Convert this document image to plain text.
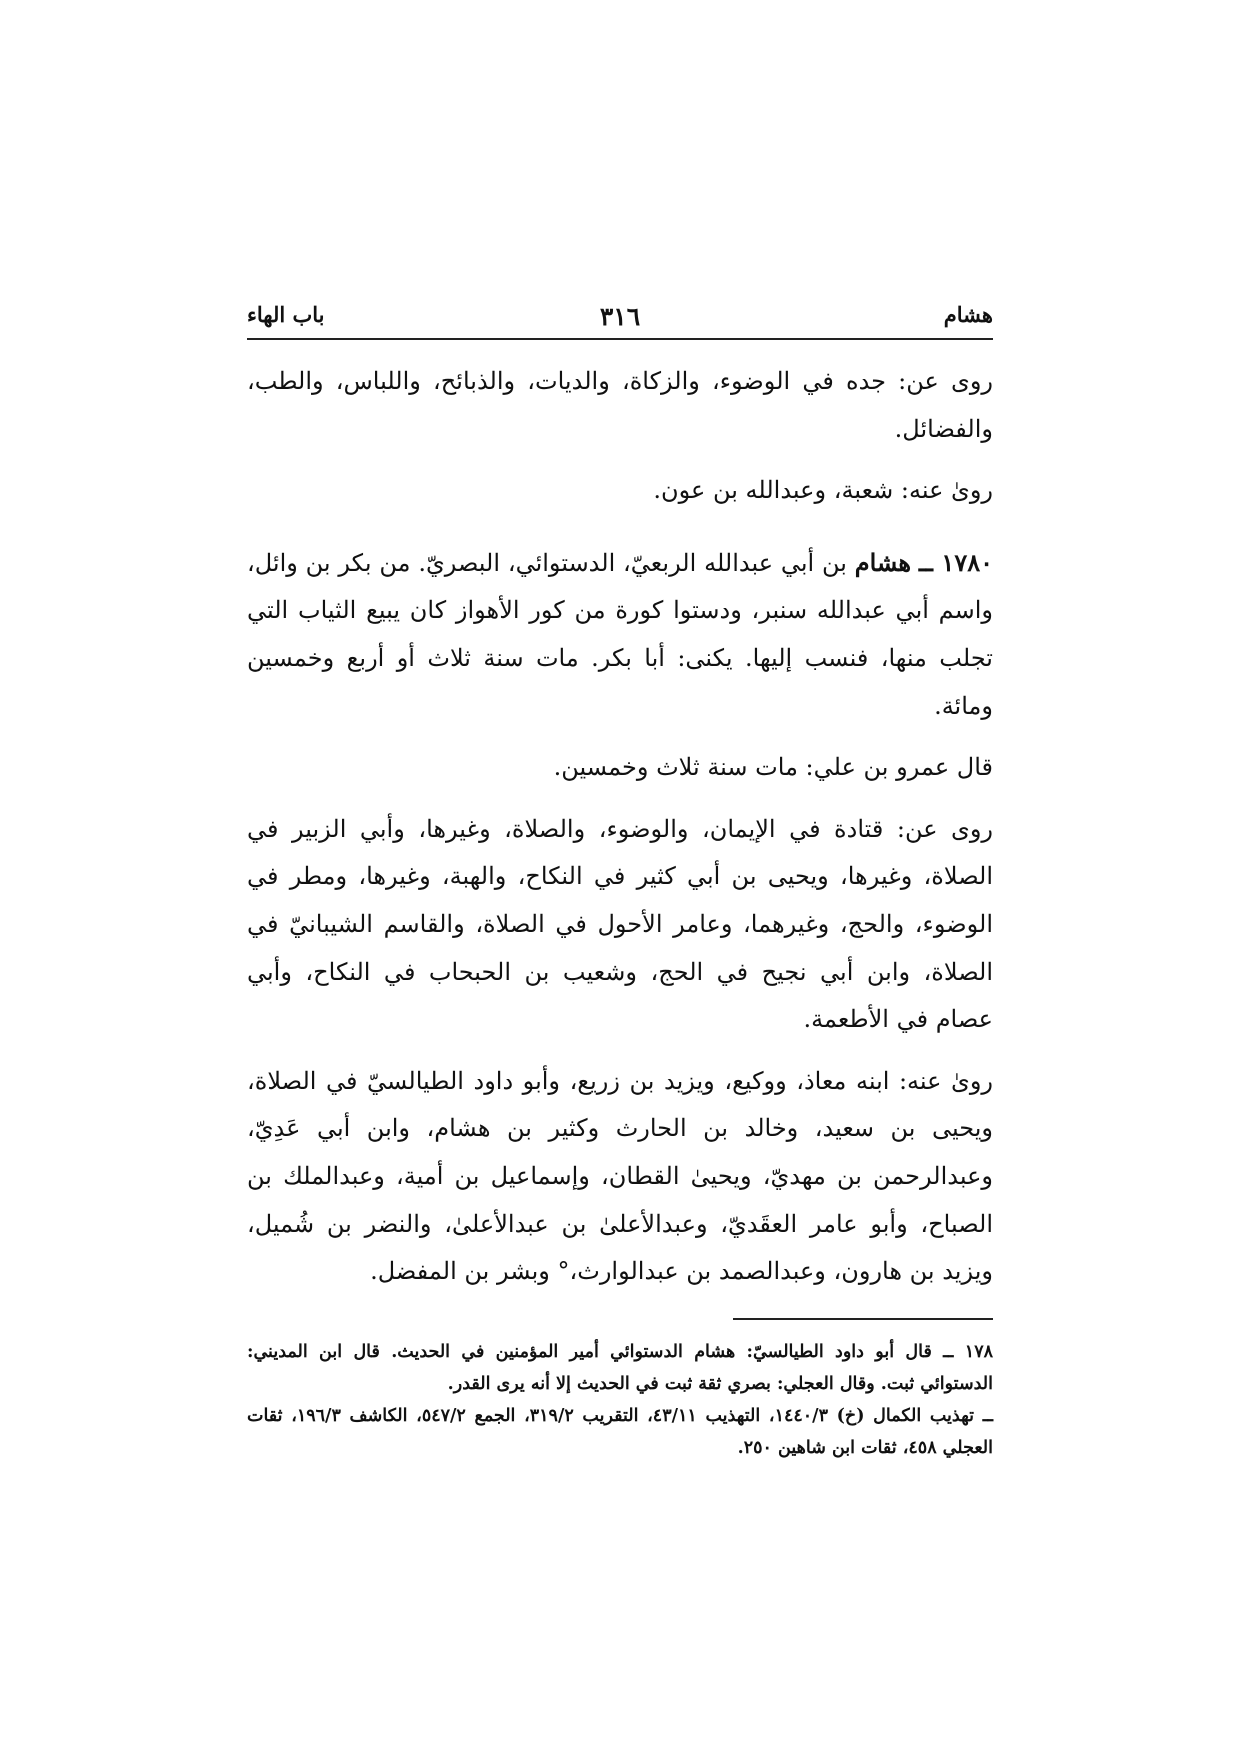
هشام
٣١٦
باب الهاء

روى عن: جده في الوضوء، والزكاة، والديات، والذبائح، واللباس، والطب، والفضائل.

روىٰ عنه: شعبة، وعبدالله بن عون.

١٧٨٠ ــ هشام بن أبي عبدالله الربعيّ، الدستوائي، البصريّ. من بكر بن وائل، واسم أبي عبدالله سنبر، ودستوا كورة من كور الأهواز كان يبيع الثياب التي تجلب منها، فنسب إليها. يكنى: أبا بكر. مات سنة ثلاث أو أربع وخمسين ومائة.

قال عمرو بن علي: مات سنة ثلاث وخمسين.

روى عن: قتادة في الإيمان، والوضوء، والصلاة، وغيرها، وأبي الزبير في الصلاة، وغيرها، ويحيى بن أبي كثير في النكاح، والهبة، وغيرها، ومطر في الوضوء، والحج، وغيرهما، وعامر الأحول في الصلاة، والقاسم الشيبانيّ في الصلاة، وابن أبي نجيح في الحج، وشعيب بن الحبحاب في النكاح، وأبي عصام في الأطعمة.

روىٰ عنه: ابنه معاذ، ووكيع، ويزيد بن زريع، وأبو داود الطيالسيّ في الصلاة، ويحيى بن سعيد، وخالد بن الحارث وكثير بن هشام، وابن أبي عَدِيّ، وعبدالرحمن بن مهديّ، ويحيىٰ القطان، وإسماعيل بن أمية، وعبدالملك بن الصباح، وأبو عامر العقَديّ، وعبدالأعلىٰ بن عبدالأعلىٰ، والنضر بن شُميل، ويزيد بن هارون، وعبدالصمد بن عبدالوارث،° وبشر بن المفضل.

١٧٨ ــ قال أبو داود الطيالسيّ: هشام الدستوائي أمير المؤمنين في الحديث. قال ابن المديني: الدستوائي ثبت. وقال العجلي: بصري ثقة ثبت في الحديث إلا أنه يرى القدر.

ــ تهذيب الكمال (خ) ١٤٤٠/٣، التهذيب ٤٣/١١، التقريب ٣١٩/٢، الجمع ٥٤٧/٢، الكاشف ١٩٦/٣، ثقات العجلي ٤٥٨، ثقات ابن شاهين ٢٥٠.
